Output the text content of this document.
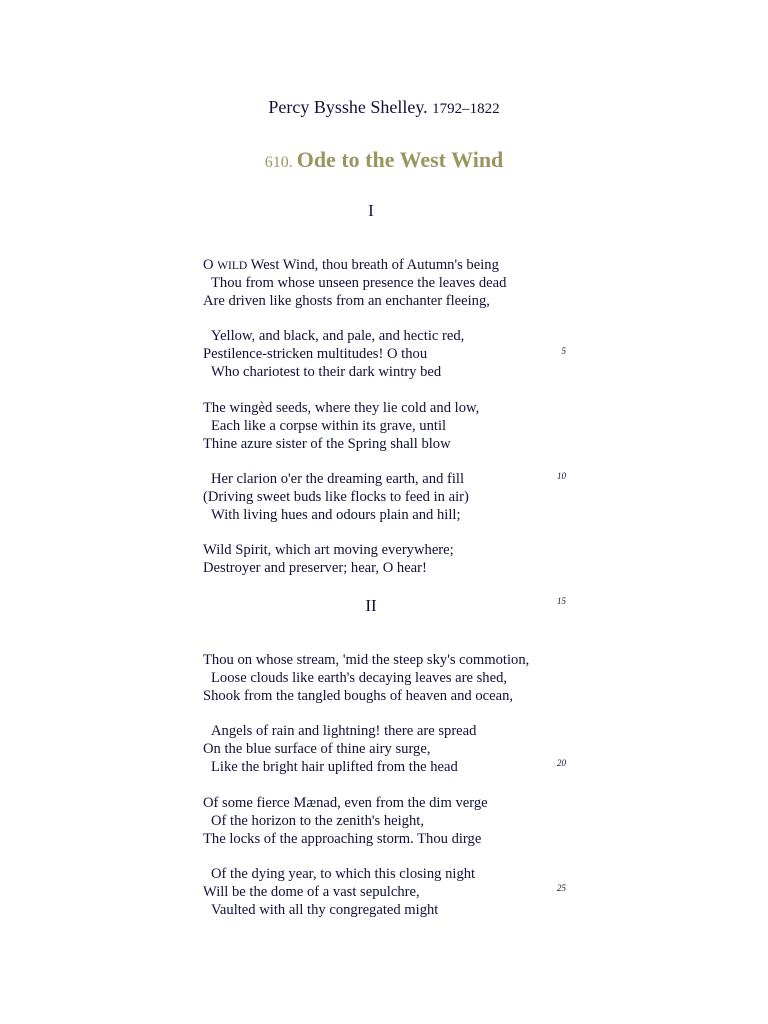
Percy Bysshe Shelley. 1792–1822
610. Ode to the West Wind
I
O WILD West Wind, thou breath of Autumn's being
Thou from whose unseen presence the leaves dead
Are driven like ghosts from an enchanter fleeing,
Yellow, and black, and pale, and hectic red,
Pestilence-stricken multitudes! O thou
Who chariotest to their dark wintry bed
The wingèd seeds, where they lie cold and low,
Each like a corpse within its grave, until
Thine azure sister of the Spring shall blow
Her clarion o'er the dreaming earth, and fill
(Driving sweet buds like flocks to feed in air)
With living hues and odours plain and hill;
Wild Spirit, which art moving everywhere;
Destroyer and preserver; hear, O hear!
II
Thou on whose stream, 'mid the steep sky's commotion,
Loose clouds like earth's decaying leaves are shed,
Shook from the tangled boughs of heaven and ocean,
Angels of rain and lightning! there are spread
On the blue surface of thine airy surge,
Like the bright hair uplifted from the head
Of some fierce Mænad, even from the dim verge
Of the horizon to the zenith's height,
The locks of the approaching storm. Thou dirge
Of the dying year, to which this closing night
Will be the dome of a vast sepulchre,
Vaulted with all thy congregated might
5
10
15
20
25
